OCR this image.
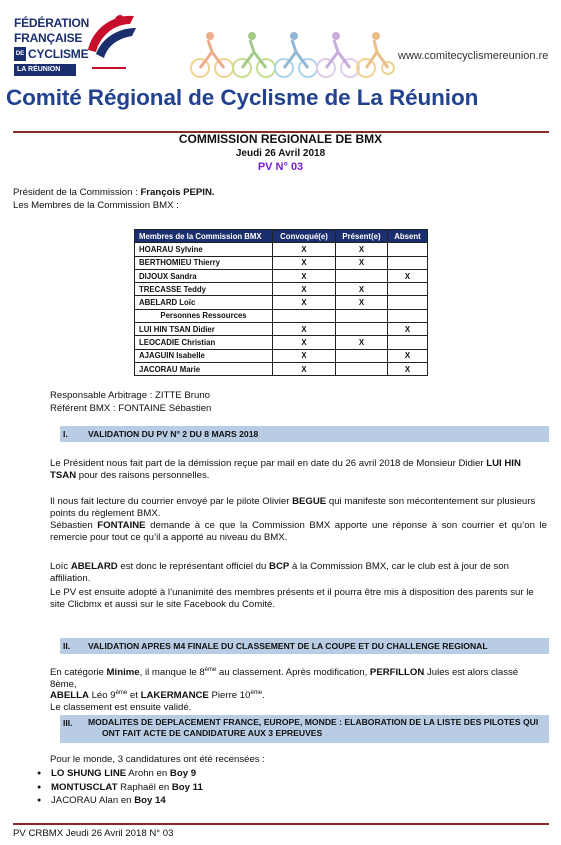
FÉDÉRATION
FRANÇAISE
DE CYCLISME
LA RÉUNION
www.comitecyclismereunion.re
Comité Régional de Cyclisme de La Réunion
COMMISSION REGIONALE DE BMX
Jeudi 26 Avril 2018
PV N° 03
Président de la Commission : François PEPIN.
Les Membres de la Commission BMX :
Membres de la Commission BMX	Convoqué(e)	Présent(e)	Absent
HOARAU Sylvine	X	X	
BERTHOMIEU Thierry	X	X	
DIJOUX Sandra	X		X
TRECASSE Teddy	X	X	
ABELARD Loïc	X	X	
Personnes Ressources			
LUI HIN TSAN Didier	X		X
LEOCADIE Christian	X	X	
AJAGUIN Isabelle	X		X
JACORAU Marie	X		X
Responsable Arbitrage : ZITTE Bruno
Référent BMX : FONTAINE Sébastien
I. VALIDATION DU PV N° 2 DU 8 MARS 2018
Le Président nous fait part de la démission reçue par mail en date du 26 avril 2018 de Monsieur Didier LUI HIN TSAN pour des raisons personnelles.
Il nous fait lecture du courrier envoyé par le pilote Olivier BEGUE qui manifeste son mécontentement sur plusieurs points du règlement BMX.
Sébastien FONTAINE demande à ce que la Commission BMX apporte une réponse à son courrier et qu’on le remercie pour tout ce qu’il a apporté au niveau du BMX.
Loïc ABELARD est donc le représentant officiel du BCP à la Commission BMX, car le club est à jour de son affiliation.
Le PV est ensuite adopté à l’unanimité des membres présents et il pourra être mis à disposition des parents sur le site Clicbmx et aussi sur le site Facebook du Comité.
II. VALIDATION APRES M4 FINALE DU CLASSEMENT DE LA COUPE ET DU CHALLENGE REGIONAL
En catégorie Minime, il manque le 8ème au classement. Après modification, PERFILLON Jules est alors classé 8ème,
ABELLA Léo 9ème et LAKERMANCE Pierre 10ème.
Le classement est ensuite validé.
III. MODALITES DE DEPLACEMENT FRANCE, EUROPE, MONDE : ELABORATION DE LA LISTE DES PILOTES QUI
ONT FAIT ACTE DE CANDIDATURE AUX 3 EPREUVES
Pour le monde, 3 candidatures ont été recensées :
● LO SHUNG LINE Arohn en Boy 9
● MONTUSCLAT Raphaël en Boy 11
● JACORAU Alan en Boy 14
PV CRBMX Jeudi 26 Avril 2018 N° 03
